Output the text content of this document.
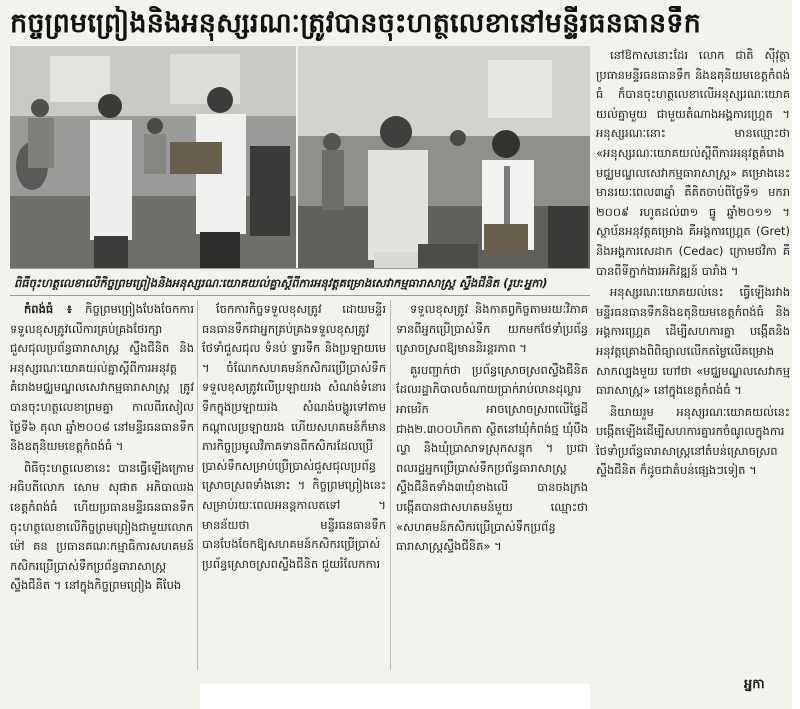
កច្ចព្រមព្រៀងនិងអនុស្សរណៈត្រូវបានចុះហត្ថលេខានៅមន្ទីរធនធានទឹក
ពិធីចុះហត្ថលេខាលើកិច្ចព្រមព្រៀងនិងអនុស្សរណៈយោគយល់គ្នាស្តីពីការអនុវត្តគម្រោងសេវាកម្មធារាសាស្ត្រ ស្ទឹងជីនិត (រូប:អ្នកា)

កំពង់ធំ ៖ កិច្ចព្រមព្រៀងបែងចែកការទទួលខុសត្រូវលើការគ្រប់គ្រងថែរក្សាជួសជុលប្រព័ន្ធធារាសាស្ត្រ ស្ទឹងជីនិត និងអនុស្សរណៈយោគយល់គ្នាស្តីពីការអនុវត្តគំរោងមជ្ឈមណ្ឌលសេវាកម្មធារាសាស្ត្រ ត្រូវបានចុះហត្ថលេខាព្រមគ្នា កាលពីរសៀលថ្ងៃទី៦ តុលា ឆ្នាំ២០០៨ នៅមន្ទីរធនធានទឹក និងឧតុនិយមខេត្តកំពង់ធំ ។

ពិធីចុះហត្ថលេខានេះ បានធ្វើឡើងក្រោមអធិបតីលោក សោម សុផាត អភិបាលរងខេត្តកំពង់ធំ ហើយប្រធានមន្ទីរធនធានទឹក ចុះហត្ថលេខាលើកិច្ចព្រមព្រៀងជាមួយលោក ម៉ៅ គន ប្រធានគណៈកម្មាធិការសហគមន៍កសិករប្រើប្រាស់ទឹកប្រព័ន្ធធារាសាស្ត្រស្ទឹងជីនិត ។ នៅក្នុងកិច្ចព្រមព្រៀង គឺបែង

ចែកការកិច្ចទទួលខុសត្រូវ ដោយមន្ទីរធនធានទឹកជាអ្នកគ្រប់គ្រងទទួលខុសត្រូវថែទាំជួសជុល ទំនប់ ទ្វារទឹក និងប្រឡាយមេ ។ ចំណែកសហគមន៍កសិករប្រើប្រាស់ទឹក ទទួលខុសត្រូវលើប្រឡាយរង សំណង់ទំនោរទឹកក្នុងប្រឡាយរង សំណង់បង្ហូរទៅតាមកណ្តាលប្រឡាយរង ហើយសហគមន៍ក៏មានភារកិច្ចប្រមូលវិភាគទានពីកសិករដែលប្រើប្រាស់ទឹកសម្រាប់ប្រើប្រាស់ជួសជុលប្រព័ន្ធស្រោចស្រពទាំងនោះ ។ កិច្ចព្រមព្រៀងនេះសម្រាប់រយៈពេលអនន្តកាលតទៅ ។ មានន័យថា មន្ទីរធនធានទឹកបានបែងចែកឱ្យសហគមន៍កសិករប្រើប្រាស់ប្រព័ន្ធស្រោចស្រពស្ទឹងជីនិត ជួយរំលែកការ

ទទួលខុសត្រូវ និងកាតព្វកិច្ចតាមរយៈវិភាគទានពីអ្នកប្រើប្រាស់ទឹក យកមកថែទាំប្រព័ន្ធស្រោចស្រពឱ្យមាននិរន្តរភាព ។

គួរបញ្ជាក់ថា ប្រព័ន្ធស្រោចស្រពស្ទឹងជីនិត ដែលរដ្ឋាភិបាលចំណាយប្រាក់រាប់លានដុល្លារអាមេរិក អាចស្រោចស្រពលើផ្ទៃដីជាង២.៣០០ហិកតា ស្ថិតនៅឃុំកំពង់ថ្ម ឃុំបឹងល្វា និងឃុំប្រាសាទស្រុកសន្ទុក ។ ប្រជាពលរដ្ឋអ្នកប្រើប្រាស់ទឹកប្រព័ន្ធធារាសាស្ត្រ ស្ទឹងជីនិតទាំង៣ឃុំខាងលើ បានចងក្រងបង្កើតបានជាសហគមន៍មួយ ឈ្មោះថា «សហគមន៍កសិករប្រើប្រាស់ទឹកប្រព័ន្ធធារាសាស្ត្រស្ទឹងជីនិត» ។

នៅឱកាសនោះដែរ លោក ជាតិ ស៊ីវុត្ថា ប្រធានមន្ទីរធនធានទឹក និងឧតុនិយមខេត្តកំពង់ធំ ក៏បានចុះហត្ថលេខាលើអនុស្សរណៈយោគយល់គ្នាមួយ ជាមួយតំណាងអង្គការហ្គ្រេត ។ អនុស្សរណៈនោះ មានឈ្មោះថា «អនុស្សរណៈយោគយល់ស្តីពីការអនុវត្តគំរោងមជ្ឈមណ្ឌលសេវាកម្មធារាសាស្ត្រ» គម្រោងនេះមានរយៈពេល៣ឆ្នាំ គឺគិតចាប់ពីថ្ងៃទី១ មករា ២០០៩ រហូតដល់៣១ ធ្នូ ឆ្នាំ២០១១ ។ ស្ថាប័នអនុវត្តគម្រោង គឺអង្គការហ្គ្រេត (Gret) និងអង្គការសេដាក (Cedac) ក្រោមថវិកា គឺបានពីទីភ្នាក់ងារអភិវឌ្ឍន៍ បារាំង ។

អនុស្សរណៈយោគយល់នេះ ធ្វើឡើងរវាងមន្ទីរធនធានទឹកនិងឧតុនិយមខេត្តកំពង់ធំ និងអង្គការហ្គ្រេត ដើម្បីសហការគ្នា បង្កើតនិងអនុវត្តគ្រោងពិពិធ្យាលលើកតម្លៃលើគម្រោងសាកល្បងមួយ ហៅថា «មជ្ឈមណ្ឌលសេវាកម្មធារាសាស្ត្រ» នៅក្នុងខេត្តកំពង់ធំ ។

និយាយរួម អនុស្សរណៈយោគយល់នេះ បង្កើតឡើងដើម្បីសហការគ្នារកចំណូលក្នុងការថែទាំប្រព័ន្ធធារាសាស្ត្រនៅតំបន់ស្រោចស្រពស្ទឹងជីនិត ក៏ដូចជាតំបន់ផ្សេងៗទៀត ។

អ្នកា
